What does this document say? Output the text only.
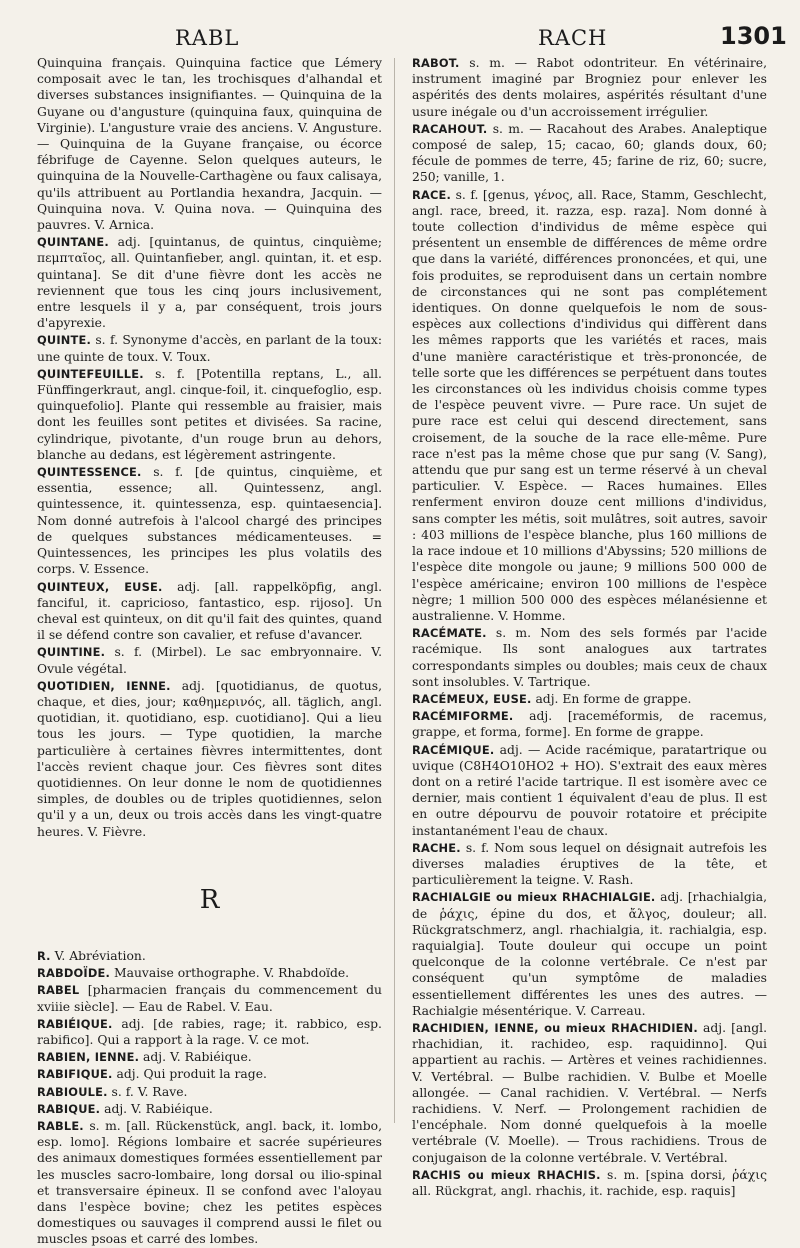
RABL	RACH	1301

Quinquina français. Quinquina factice que Lémery composait avec le tan, les trochisques d'alhandal et diverses substances insignifiantes. — Quinquina de la Guyane ou d'angusture (quinquina faux, quinquina de Virginie). L'angusture vraie des anciens. V. Angusture. — Quinquina de la Guyane française, ou écorce fébrifuge de Cayenne. Selon quelques auteurs, le quinquina de la Nouvelle-Carthagène ou faux calisaya, qu'ils attribuent au Portlandia hexandra, Jacquin. — Quinquina nova. V. Quina nova. — Quinquina des pauvres. V. Arnica.

QUINTANE. adj. [quintanus, de quintus, cinquième; πεμπταῖος, all. Quintanfieber, angl. quintan, it. et esp. quintana]. Se dit d'une fièvre dont les accès ne reviennent que tous les cinq jours inclusivement, entre lesquels il y a, par conséquent, trois jours d'apyrexie.

QUINTE. s. f. Synonyme d'accès, en parlant de la toux: une quinte de toux. V. Toux.

QUINTEFEUILLE. s. f. [Potentilla reptans, L., all. Fünffingerkraut, angl. cinque-foil, it. cinquefoglio, esp. quinquefolio]. Plante qui ressemble au fraisier, mais dont les feuilles sont petites et divisées. Sa racine, cylindrique, pivotante, d'un rouge brun au dehors, blanche au dedans, est légèrement astringente.

QUINTESSENCE. s. f. [de quintus, cinquième, et essentia, essence; all. Quintessenz, angl. quintessence, it. quintessenza, esp. quintaesencia]. Nom donné autrefois à l'alcool chargé des principes de quelques substances médicamenteuses. = Quintessences, les principes les plus volatils des corps. V. Essence.

QUINTEUX, EUSE. adj. [all. rappelköpfig, angl. fanciful, it. capricioso, fantastico, esp. rijoso]. Un cheval est quinteux, on dit qu'il fait des quintes, quand il se défend contre son cavalier, et refuse d'avancer.

QUINTINE. s. f. (Mirbel). Le sac embryonnaire. V. Ovule végétal.

QUOTIDIEN, IENNE. adj. [quotidianus, de quotus, chaque, et dies, jour; καθημερινός, all. täglich, angl. quotidian, it. quotidiano, esp. cuotidiano]. Qui a lieu tous les jours. — Type quotidien, la marche particulière à certaines fièvres intermittentes, dont l'accès revient chaque jour. Ces fièvres sont dites quotidiennes. On leur donne le nom de quotidiennes simples, de doubles ou de triples quotidiennes, selon qu'il y a un, deux ou trois accès dans les vingt-quatre heures. V. Fièvre.

R

R. V. Abréviation.

RABDOÏDE. Mauvaise orthographe. V. Rhabdoïde.

RABEL [pharmacien français du commencement du xviiie siècle]. — Eau de Rabel. V. Eau.

RABIÉIQUE. adj. [de rabies, rage; it. rabbico, esp. rabifico]. Qui a rapport à la rage. V. ce mot.

RABIEN, IENNE. adj. V. Rabiéique.

RABIFIQUE. adj. Qui produit la rage.

RABIOULE. s. f. V. Rave.

RABIQUE. adj. V. Rabiéique.

RABLE. s. m. [all. Rückenstück, angl. back, it. lombo, esp. lomo]. Régions lombaire et sacrée supérieures des animaux domestiques formées essentiellement par les muscles sacro-lombaire, long dorsal ou ilio-spinal et transversaire épineux. Il se confond avec l'aloyau dans l'espèce bovine; chez les petites espèces domestiques ou sauvages il comprend aussi le filet ou muscles psoas et carré des lombes.

RABOT. s. m. — Rabot odontriteur. En vétérinaire, instrument imaginé par Brogniez pour enlever les aspérités des dents molaires, aspérités résultant d'une usure inégale ou d'un accroissement irrégulier.

RACAHOUT. s. m. — Racahout des Arabes. Analeptique composé de salep, 15; cacao, 60; glands doux, 60; fécule de pommes de terre, 45; farine de riz, 60; sucre, 250; vanille, 1.

RACE. s. f. [genus, γένος, all. Race, Stamm, Geschlecht, angl. race, breed, it. razza, esp. raza]. Nom donné à toute collection d'individus de même espèce qui présentent un ensemble de différences de même ordre que dans la variété, différences prononcées, et qui, une fois produites, se reproduisent dans un certain nombre de circonstances qui ne sont pas complétement identiques. On donne quelquefois le nom de sous-espèces aux collections d'individus qui diffèrent dans les mêmes rapports que les variétés et races, mais d'une manière caractéristique et très-prononcée, de telle sorte que les différences se perpétuent dans toutes les circonstances où les individus choisis comme types de l'espèce peuvent vivre. — Pure race. Un sujet de pure race est celui qui descend directement, sans croisement, de la souche de la race elle-même. Pure race n'est pas la même chose que pur sang (V. Sang), attendu que pur sang est un terme réservé à un cheval particulier. V. Espèce. — Races humaines. Elles renferment environ douze cent millions d'individus, sans compter les métis, soit mulâtres, soit autres, savoir : 403 millions de l'espèce blanche, plus 160 millions de la race indoue et 10 millions d'Abyssins; 520 millions de l'espèce dite mongole ou jaune; 9 millions 500 000 de l'espèce américaine; environ 100 millions de l'espèce nègre; 1 million 500 000 des espèces mélanésienne et australienne. V. Homme.

RACÉMATE. s. m. Nom des sels formés par l'acide racémique. Ils sont analogues aux tartrates correspondants simples ou doubles; mais ceux de chaux sont insolubles. V. Tartrique.

RACÉMEUX, EUSE. adj. En forme de grappe.

RACÉMIFORME. adj. [raceméformis, de racemus, grappe, et forma, forme]. En forme de grappe.

RACÉMIQUE. adj. — Acide racémique, paratartrique ou uvique (C8H4O10HO2 + HO). S'extrait des eaux mères dont on a retiré l'acide tartrique. Il est isomère avec ce dernier, mais contient 1 équivalent d'eau de plus. Il est en outre dépourvu de pouvoir rotatoire et précipite instantanément l'eau de chaux.

RACHE. s. f. Nom sous lequel on désignait autrefois les diverses maladies éruptives de la tête, et particulièrement la teigne. V. Rash.

RACHIALGIE ou mieux RHACHIALGIE. adj. [rhachialgia, de ῥάχις, épine du dos, et ἄλγος, douleur; all. Rückgratschmerz, angl. rhachialgia, it. rachialgia, esp. raquialgia]. Toute douleur qui occupe un point quelconque de la colonne vertébrale. Ce n'est par conséquent qu'un symptôme de maladies essentiellement différentes les unes des autres. — Rachialgie mésentérique. V. Carreau.

RACHIDIEN, IENNE, ou mieux RHACHIDIEN. adj. [angl. rhachidian, it. rachideo, esp. raquidinno]. Qui appartient au rachis. — Artères et veines rachidiennes. V. Vertébral. — Bulbe rachidien. V. Bulbe et Moelle allongée. — Canal rachidien. V. Vertébral. — Nerfs rachidiens. V. Nerf. — Prolongement rachidien de l'encéphale. Nom donné quelquefois à la moelle vertébrale (V. Moelle). — Trous rachidiens. Trous de conjugaison de la colonne vertébrale. V. Vertébral.

RACHIS ou mieux RHACHIS. s. m. [spina dorsi, ῥάχις all. Rückgrat, angl. rhachis, it. rachide, esp. raquis]
